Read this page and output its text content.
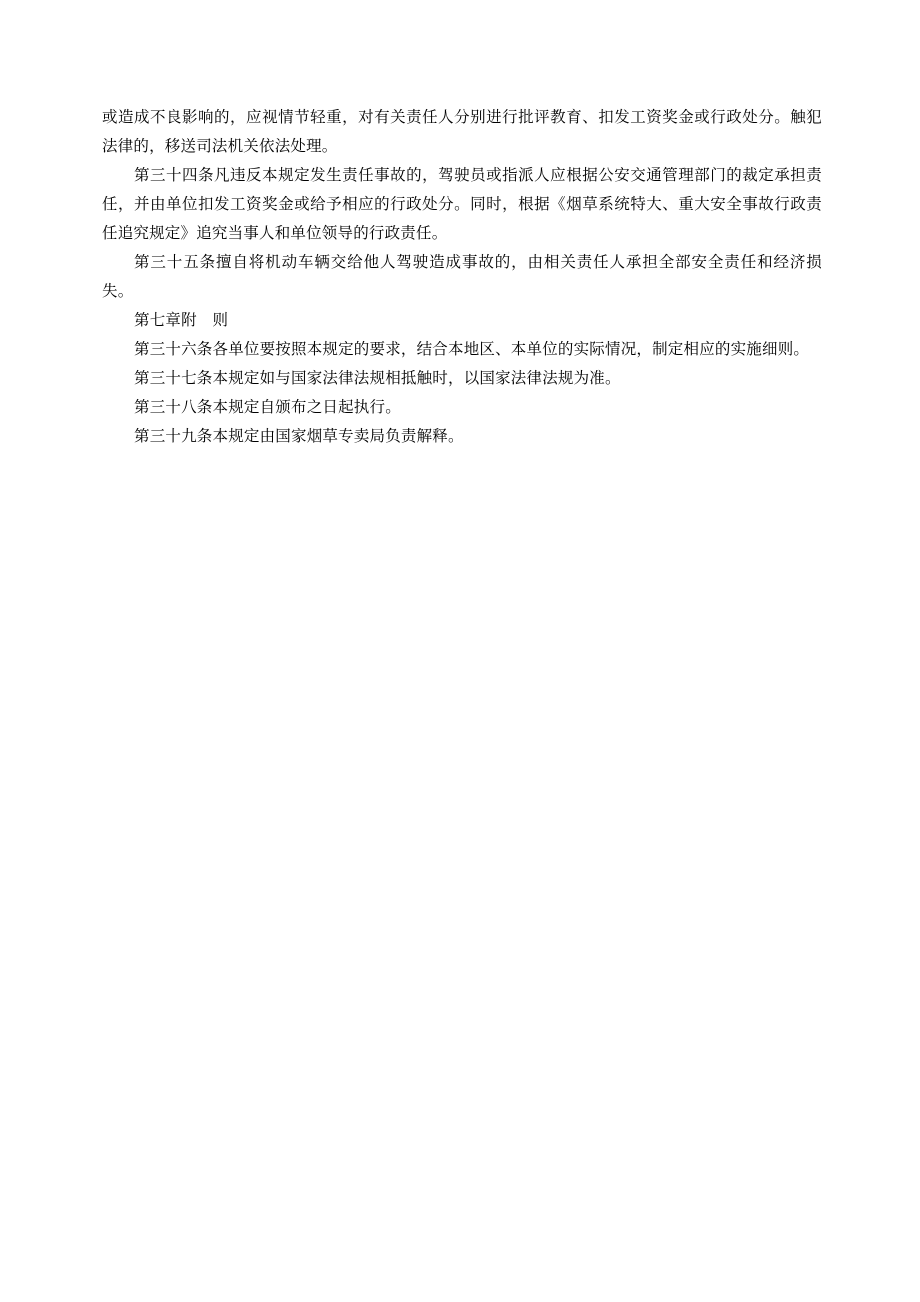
或造成不良影响的，应视情节轻重，对有关责任人分别进行批评教育、扣发工资奖金或行政处分。触犯法律的，移送司法机关依法处理。

第三十四条凡违反本规定发生责任事故的，驾驶员或指派人应根据公安交通管理部门的裁定承担责任，并由单位扣发工资奖金或给予相应的行政处分。同时，根据《烟草系统特大、重大安全事故行政责任追究规定》追究当事人和单位领导的行政责任。

第三十五条擅自将机动车辆交给他人驾驶造成事故的，由相关责任人承担全部安全责任和经济损失。

第七章附　则

第三十六条各单位要按照本规定的要求，结合本地区、本单位的实际情况，制定相应的实施细则。

第三十七条本规定如与国家法律法规相抵触时，以国家法律法规为准。

第三十八条本规定自颁布之日起执行。

第三十九条本规定由国家烟草专卖局负责解释。
